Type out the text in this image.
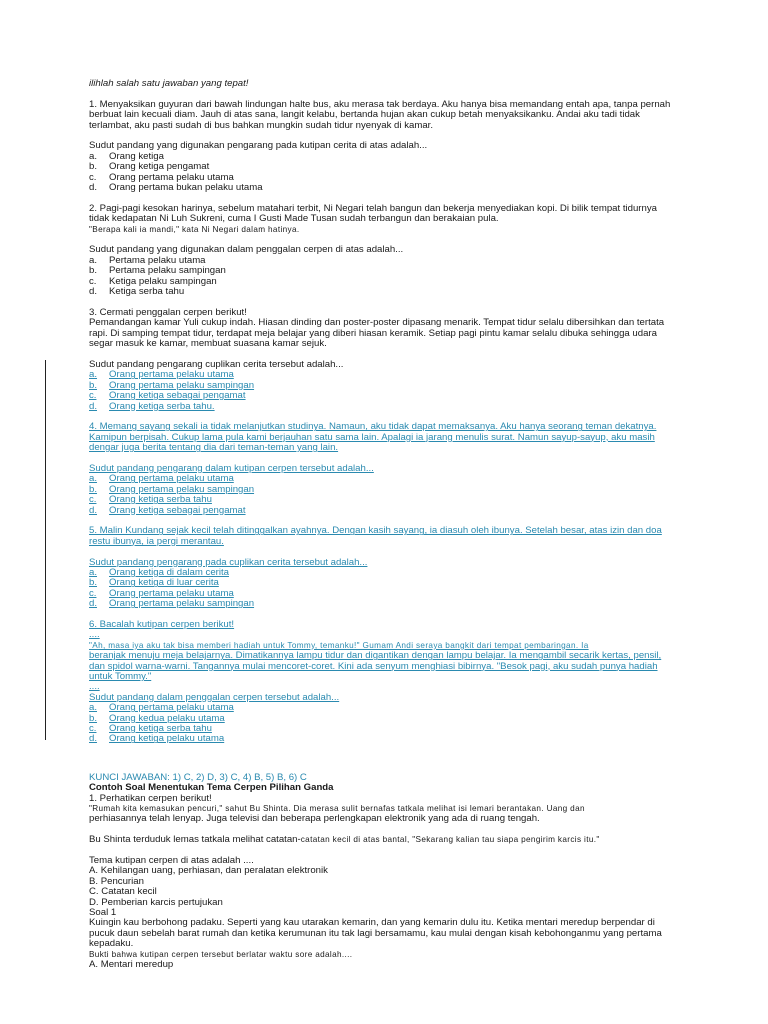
ilihlah salah satu jawaban yang tepat!

1. Menyaksikan guyuran dari bawah lindungan halte bus, aku merasa tak berdaya. Aku hanya bisa memandang entah apa, tanpa pernah berbuat lain kecuali diam. Jauh di atas sana, langit kelabu, bertanda hujan akan cukup betah menyaksikanku. Andai aku tadi tidak terlambat, aku pasti sudah di bus bahkan mungkin sudah tidur nyenyak di kamar.

Sudut pandang yang digunakan pengarang pada kutipan cerita di atas adalah...

a.	Orang ketiga
b.	Orang ketiga pengamat
c.	Orang pertama pelaku utama
d.	Orang pertama bukan pelaku utama

2. Pagi-pagi kesokan harinya, sebelum matahari terbit, Ni Negari telah bangun dan bekerja menyediakan kopi. Di bilik tempat tidurnya tidak kedapatan Ni Luh Sukreni, cuma I Gusti Made Tusan sudah terbangun dan berakaian pula.

"Berapa kali ia mandi," kata Ni Negari dalam hatinya.

Sudut pandang yang digunakan dalam penggalan cerpen di atas adalah...

a.	Pertama pelaku utama
b.	Pertama pelaku sampingan
c.	Ketiga pelaku sampingan
d.	Ketiga serba tahu

3. Cermati penggalan cerpen berikut!

Pemandangan kamar Yuli cukup indah. Hiasan dinding dan poster-poster dipasang menarik. Tempat tidur selalu dibersihkan dan tertata rapi. Di samping tempat tidur, terdapat meja belajar yang diberi hiasan keramik. Setiap pagi pintu kamar selalu dibuka sehingga udara segar masuk ke kamar, membuat suasana kamar sejuk.

Sudut pandang pengarang cuplikan cerita tersebut adalah...

a.	Orang pertama pelaku utama
b.	Orang pertama pelaku sampingan
c.	Orang ketiga sebagai pengamat
d.	Orang ketiga serba tahu.

4. Memang sayang sekali ia tidak melanjutkan studinya. Namaun, aku tidak dapat memaksanya. Aku hanya seorang teman dekatnya. Kamipun berpisah. Cukup lama pula kami berjauhan satu sama lain. Apalagi ia jarang menulis surat. Namun sayup-sayup, aku masih dengar juga berita tentang dia dari teman-teman yang lain.

Sudut pandang pengarang dalam kutipan cerpen tersebut adalah...

a.	Orang pertama pelaku utama
b.	Orang pertama pelaku sampingan
c.	Orang ketiga serba tahu
d.	Orang ketiga sebagai pengamat

5. Malin Kundang sejak kecil telah ditinggalkan ayahnya. Dengan kasih sayang, ia diasuh oleh ibunya. Setelah besar, atas izin dan doa restu ibunya, ia pergi merantau.

Sudut pandang pengarang pada cuplikan cerita tersebut adalah...

a.	Orang ketiga di dalam cerita
b.	Orang ketiga di luar cerita
c.	Orang pertama pelaku utama
d.	Orang pertama pelaku sampingan

6. Bacalah kutipan cerpen berikut!

....

"Ah, masa iya aku tak bisa memberi hadiah untuk Tommy, temanku!" Gumam Andi seraya bangkit dari tempat pembaringan. Ia

beranjak menuju meja belajarnya. Dimatikannya lampu tidur dan digantikan dengan lampu belajar. Ia mengambil secarik kertas, pensil, dan spidol warna-warni. Tangannya mulai mencoret-coret. Kini ada senyum menghiasi bibirnya. "Besok pagi, aku sudah punya hadiah untuk Tommy."

....

Sudut pandang dalam penggalan cerpen tersebut adalah...

a.	Orang pertama pelaku utama
b.	Orang kedua pelaku utama
c.	Orang ketiga serba tahu
d.	Orang ketiga pelaku utama

KUNCI JAWABAN: 1) C, 2) D, 3) C, 4) B, 5) B, 6) C

Contoh Soal Menentukan Tema Cerpen Pilihan Ganda

1. Perhatikan cerpen berikut!

"Rumah kita kemasukan pencuri," sahut Bu Shinta. Dia merasa sulit bernafas tatkala melihat isi lemari berantakan. Uang dan

perhiasannya telah lenyap. Juga televisi dan beberapa perlengkapan elektronik yang ada di ruang tengah.

Bu Shinta terduduk lemas tatkala melihat catatan-catatan kecil di atas bantal, "Sekarang kalian tau siapa pengirim karcis itu."

Tema kutipan cerpen di atas adalah ....

A. Kehilangan uang, perhiasan, dan peralatan elektronik
B. Pencurian
C. Catatan kecil
D. Pemberian karcis pertujukan

Soal 1

Kuingin kau berbohong padaku. Seperti yang kau utarakan kemarin, dan yang kemarin dulu itu. Ketika mentari meredup berpendar di pucuk daun sebelah barat rumah dan ketika kerumunan itu tak lagi bersamamu, kau mulai dengan kisah kebohonganmu yang pertama kepadaku.

Bukti bahwa kutipan cerpen tersebut berlatar waktu sore adalah....

A. Mentari meredup
